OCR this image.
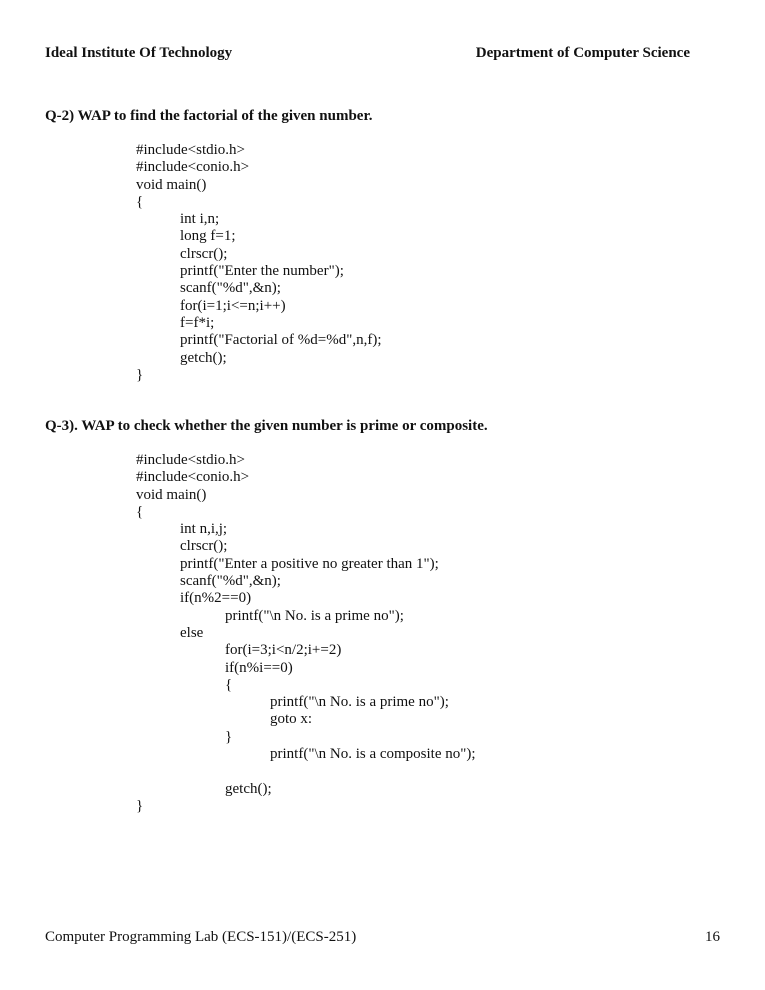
Ideal Institute Of Technology	Department of Computer Science
Q-2) WAP to find the factorial of the given number.
#include<stdio.h>
#include<conio.h>
void main()
{
int i,n;
long f=1;
clrscr();
printf("Enter the number");
scanf("%d",&n);
for(i=1;i<=n;i++)
f=f*i;
printf("Factorial of %d=%d",n,f);
getch();
}
Q-3). WAP to check whether the given number is prime or composite.
#include<stdio.h>
#include<conio.h>
void main()
{
int n,i,j;
clrscr();
printf("Enter a positive no greater than 1");
scanf("%d",&n);
if(n%2==0)
printf("\n No. is a prime no");
else
for(i=3;i<n/2;i+=2)
if(n%i==0)
{
printf("\n No. is a prime no");
goto x:
}
printf("\n No. is a composite no");
getch();
}
Computer Programming Lab (ECS-151)/(ECS-251)	16
